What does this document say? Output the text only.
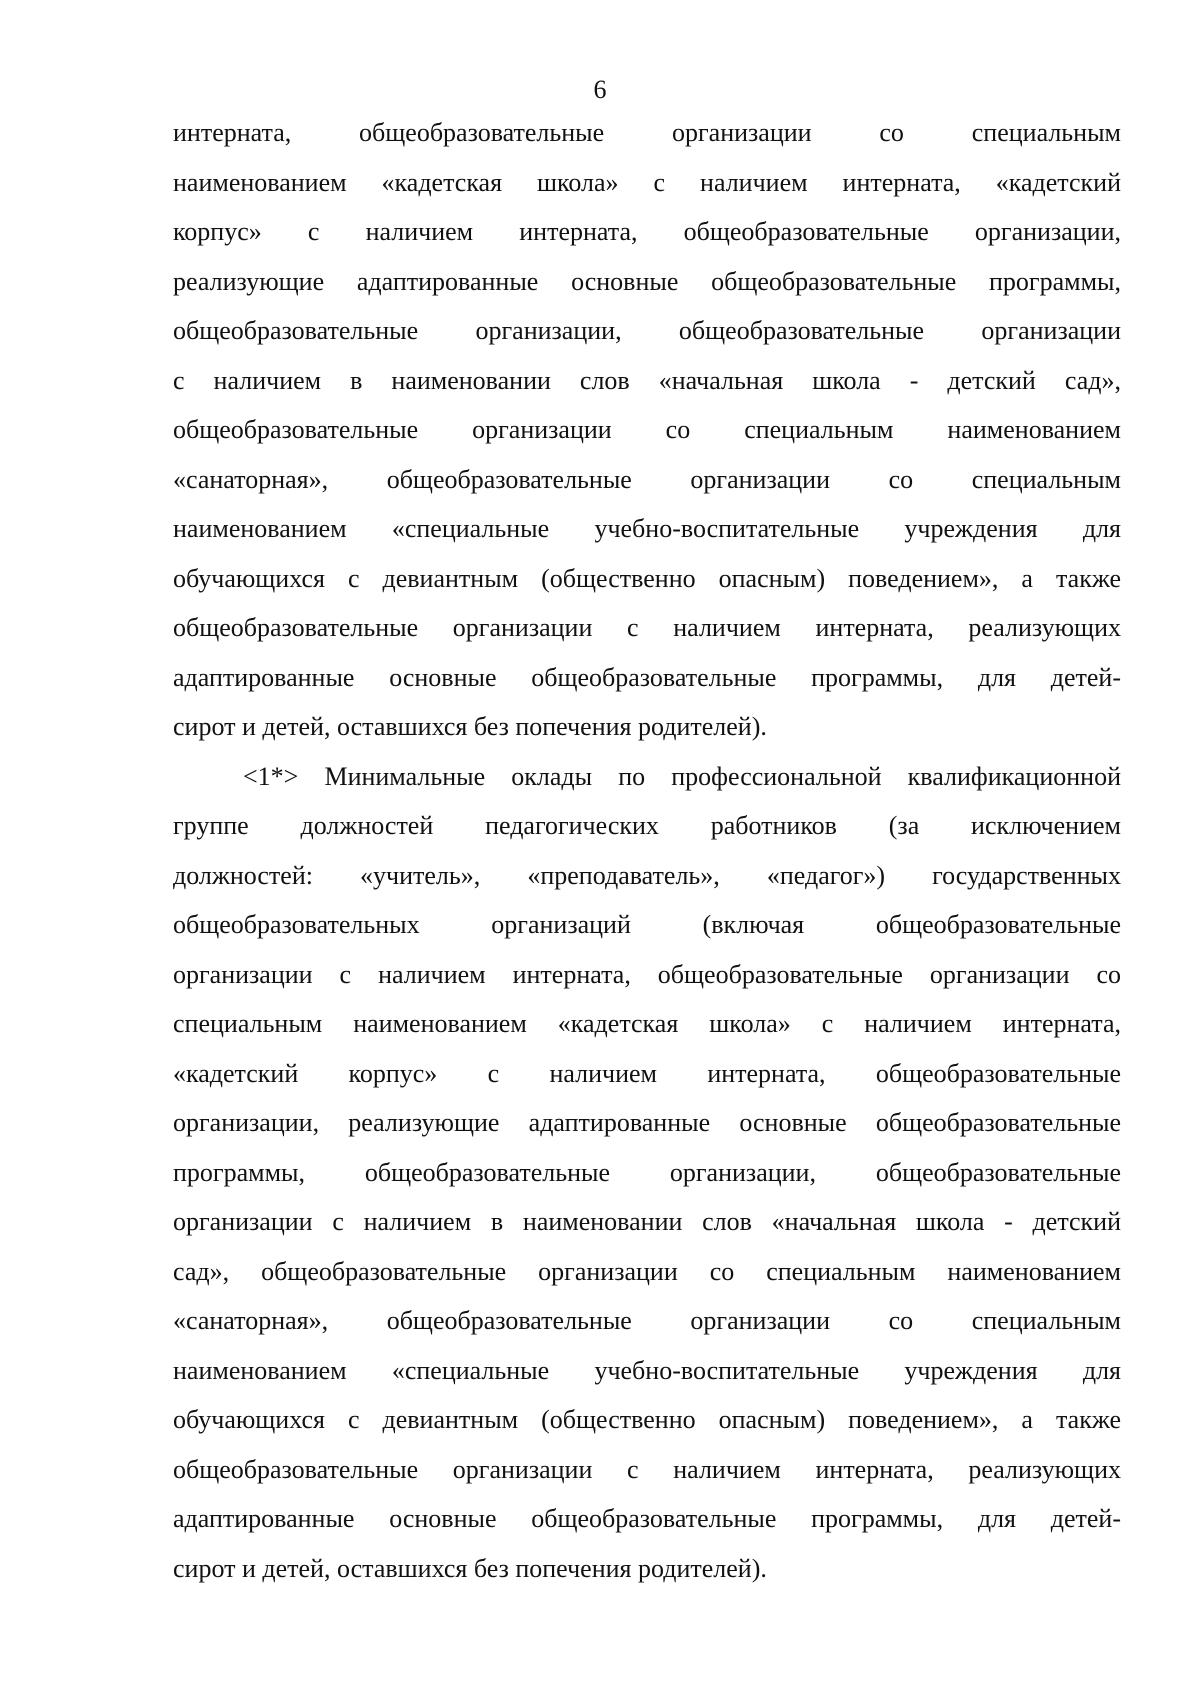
6
интерната, общеобразовательные организации со специальным
наименованием «кадетская школа» с наличием интерната, «кадетский
корпус» с наличием интерната, общеобразовательные организации,
реализующие адаптированные основные общеобразовательные программы,
общеобразовательные организации, общеобразовательные организации
с наличием в наименовании слов «начальная школа - детский сад»,
общеобразовательные организации со специальным наименованием
«санаторная», общеобразовательные организации со специальным
наименованием «специальные учебно-воспитательные учреждения для
обучающихся с девиантным (общественно опасным) поведением», а также
общеобразовательные организации с наличием интерната, реализующих
адаптированные основные общеобразовательные программы, для детей-
сирот и детей, оставшихся без попечения родителей).
<1*> Минимальные оклады по профессиональной квалификационной
группе должностей педагогических работников (за исключением
должностей: «учитель», «преподаватель», «педагог») государственных
общеобразовательных организаций (включая общеобразовательные
организации с наличием интерната, общеобразовательные организации со
специальным наименованием «кадетская школа» с наличием интерната,
«кадетский корпус» с наличием интерната, общеобразовательные
организации, реализующие адаптированные основные общеобразовательные
программы, общеобразовательные организации, общеобразовательные
организации с наличием в наименовании слов «начальная школа - детский
сад», общеобразовательные организации со специальным наименованием
«санаторная», общеобразовательные организации со специальным
наименованием «специальные учебно-воспитательные учреждения для
обучающихся с девиантным (общественно опасным) поведением», а также
общеобразовательные организации с наличием интерната, реализующих
адаптированные основные общеобразовательные программы, для детей-
сирот и детей, оставшихся без попечения родителей).
